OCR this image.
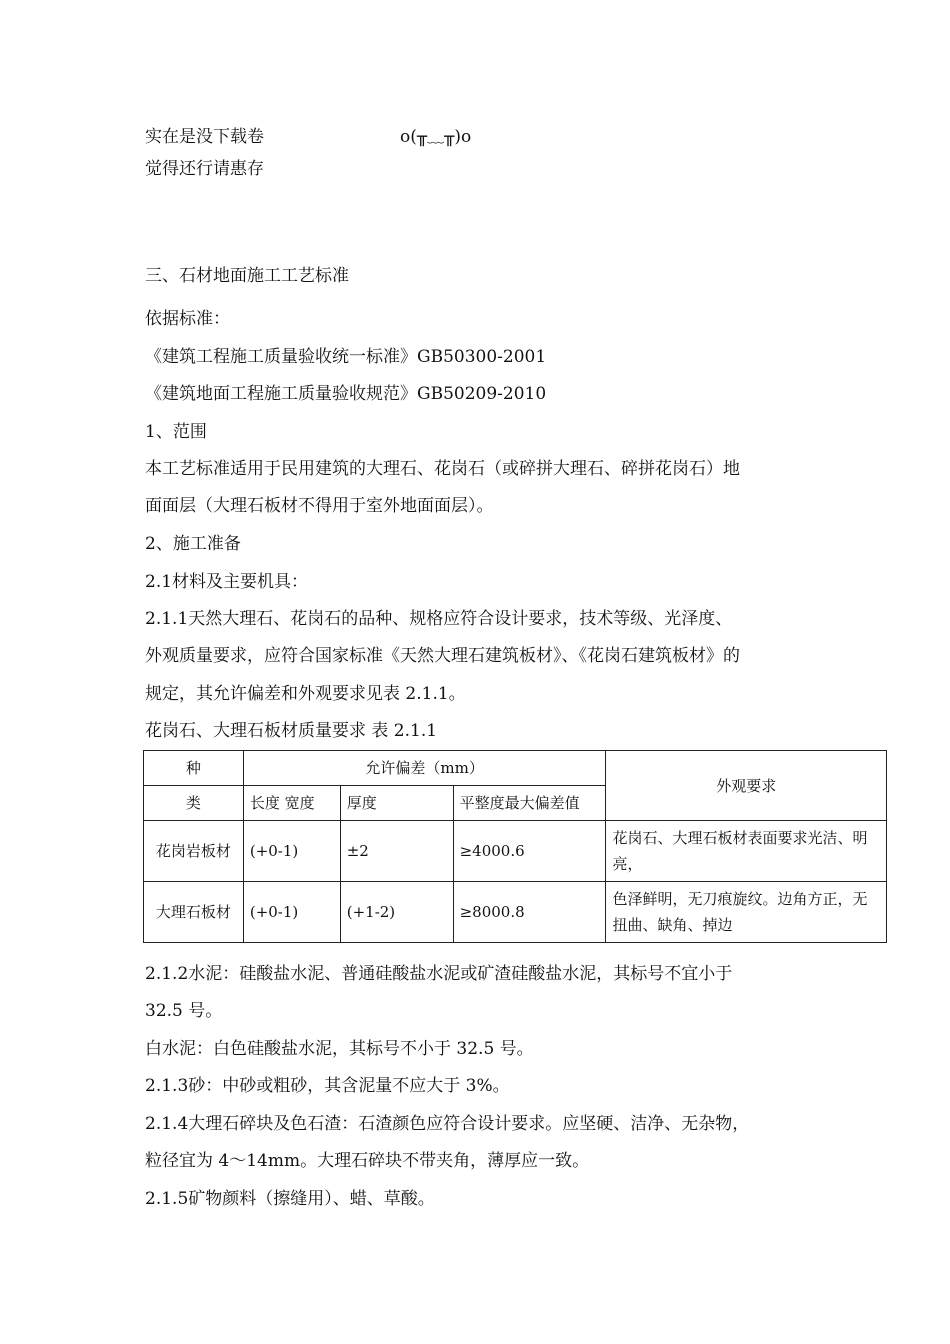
实在是没下载卷	o(╥﹏╥)o
觉得还行请惠存
三、石材地面施工工艺标准
依据标准：
《建筑工程施工质量验收统一标准》GB50300-2001
《建筑地面工程施工质量验收规范》GB50209-2010
1、范围
本工艺标准适用于民用建筑的大理石、花岗石（或碎拼大理石、碎拼花岗石）地
面面层（大理石板材不得用于室外地面面层）。
2、施工准备
2.1材料及主要机具：
2.1.1天然大理石、花岗石的品种、规格应符合设计要求，技术等级、光泽度、
外观质量要求，应符合国家标准《天然大理石建筑板材》、《花岗石建筑板材》的
规定，其允许偏差和外观要求见表 2.1.1。
花岗石、大理石板材质量要求 表 2.1.1
种	允许偏差（mm）			外观要求
类	长度 宽度	厚度	平整度最大偏差值	
花岗岩板材	(+0-1)	±2	≥4000.6	花岗石、大理石板材表面要求光洁、明亮，
大理石板材	(+0-1)	(+1-2)	≥8000.8	色泽鲜明，无刀痕旋纹。边角方正，无扭曲、缺角、掉边
2.1.2水泥：硅酸盐水泥、普通硅酸盐水泥或矿渣硅酸盐水泥，其标号不宜小于
32.5 号。
白水泥：白色硅酸盐水泥，其标号不小于 32.5 号。
2.1.3砂：中砂或粗砂，其含泥量不应大于 3%。
2.1.4大理石碎块及色石渣：石渣颜色应符合设计要求。应坚硬、洁净、无杂物，
粒径宜为 4～14mm。大理石碎块不带夹角，薄厚应一致。
2.1.5矿物颜料（擦缝用）、蜡、草酸。
